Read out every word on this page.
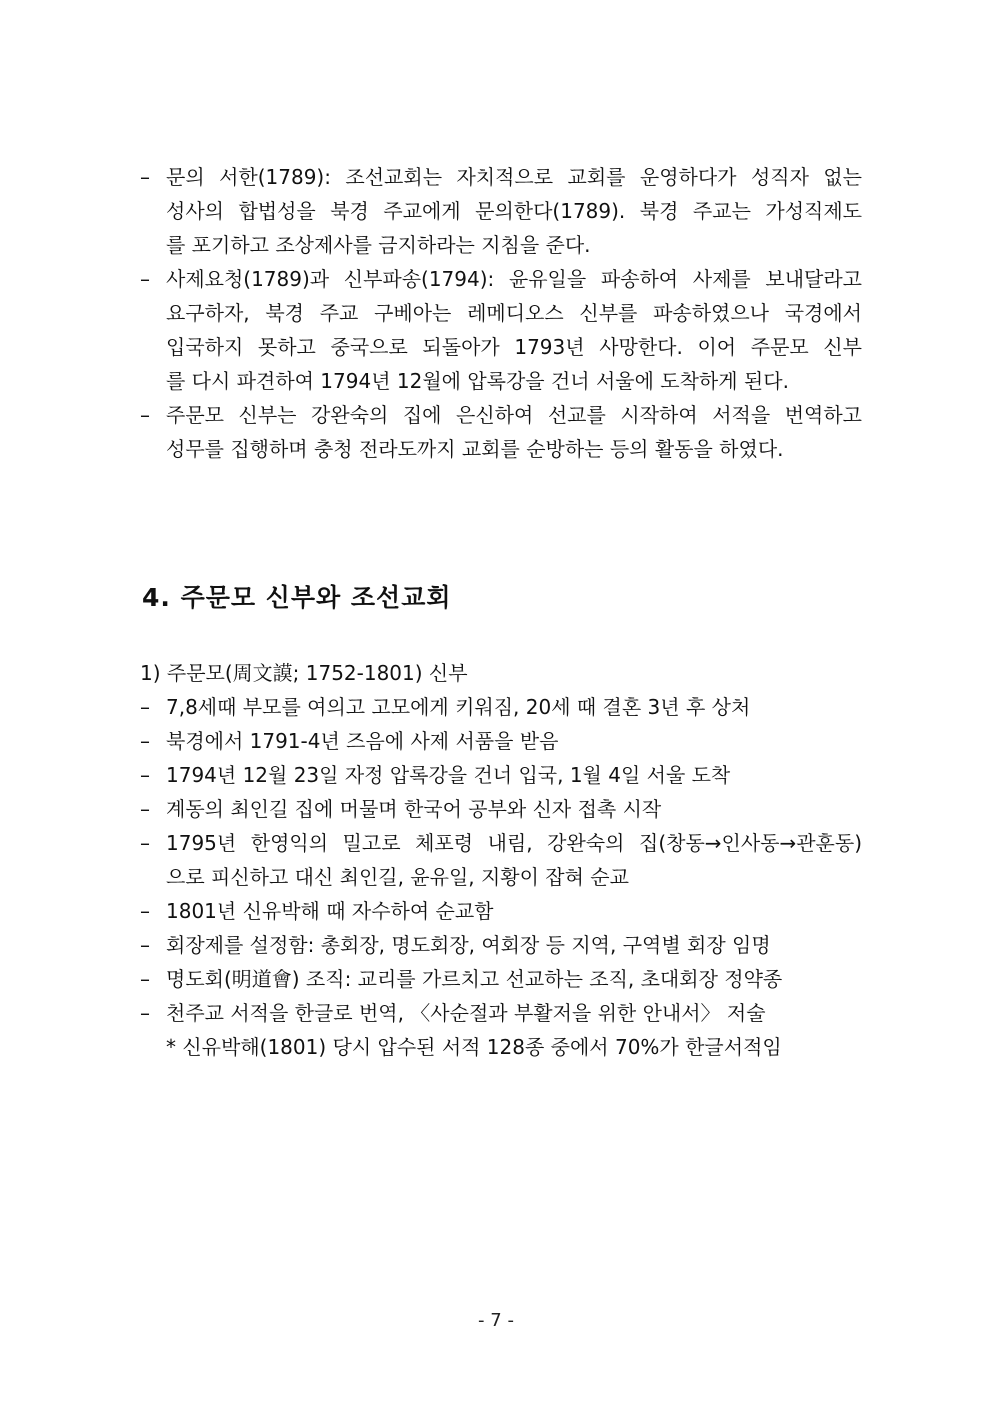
– 문의 서한(1789): 조선교회는 자치적으로 교회를 운영하다가 성직자 없는
성사의 합법성을 북경 주교에게 문의한다(1789). 북경 주교는 가성직제도
를 포기하고 조상제사를 금지하라는 지침을 준다.
– 사제요청(1789)과 신부파송(1794): 윤유일을 파송하여 사제를 보내달라고
요구하자, 북경 주교 구베아는 레메디오스 신부를 파송하였으나 국경에서
입국하지 못하고 중국으로 되돌아가 1793년 사망한다. 이어 주문모 신부
를 다시 파견하여 1794년 12월에 압록강을 건너 서울에 도착하게 된다.
– 주문모 신부는 강완숙의 집에 은신하여 선교를 시작하여 서적을 번역하고
성무를 집행하며 충청 전라도까지 교회를 순방하는 등의 활동을 하였다.
4. 주문모 신부와 조선교회
1) 주문모(周文謨; 1752-1801) 신부
– 7,8세때 부모를 여의고 고모에게 키워짐, 20세 때 결혼 3년 후 상처
– 북경에서 1791-4년 즈음에 사제 서품을 받음
– 1794년 12월 23일 자정 압록강을 건너 입국, 1월 4일 서울 도착
– 계동의 최인길 집에 머물며 한국어 공부와 신자 접촉 시작
– 1795년 한영익의 밀고로 체포령 내림, 강완숙의 집(창동→인사동→관훈동)
으로 피신하고 대신 최인길, 윤유일, 지황이 잡혀 순교
– 1801년 신유박해 때 자수하여 순교함
– 회장제를 설정함: 총회장, 명도회장, 여회장 등 지역, 구역별 회장 임명
– 명도회(明道會) 조직: 교리를 가르치고 선교하는 조직, 초대회장 정약종
– 천주교 서적을 한글로 번역, 〈사순절과 부활저을 위한 안내서〉 저술
* 신유박해(1801) 당시 압수된 서적 128종 중에서 70%가 한글서적임
- 7 -
